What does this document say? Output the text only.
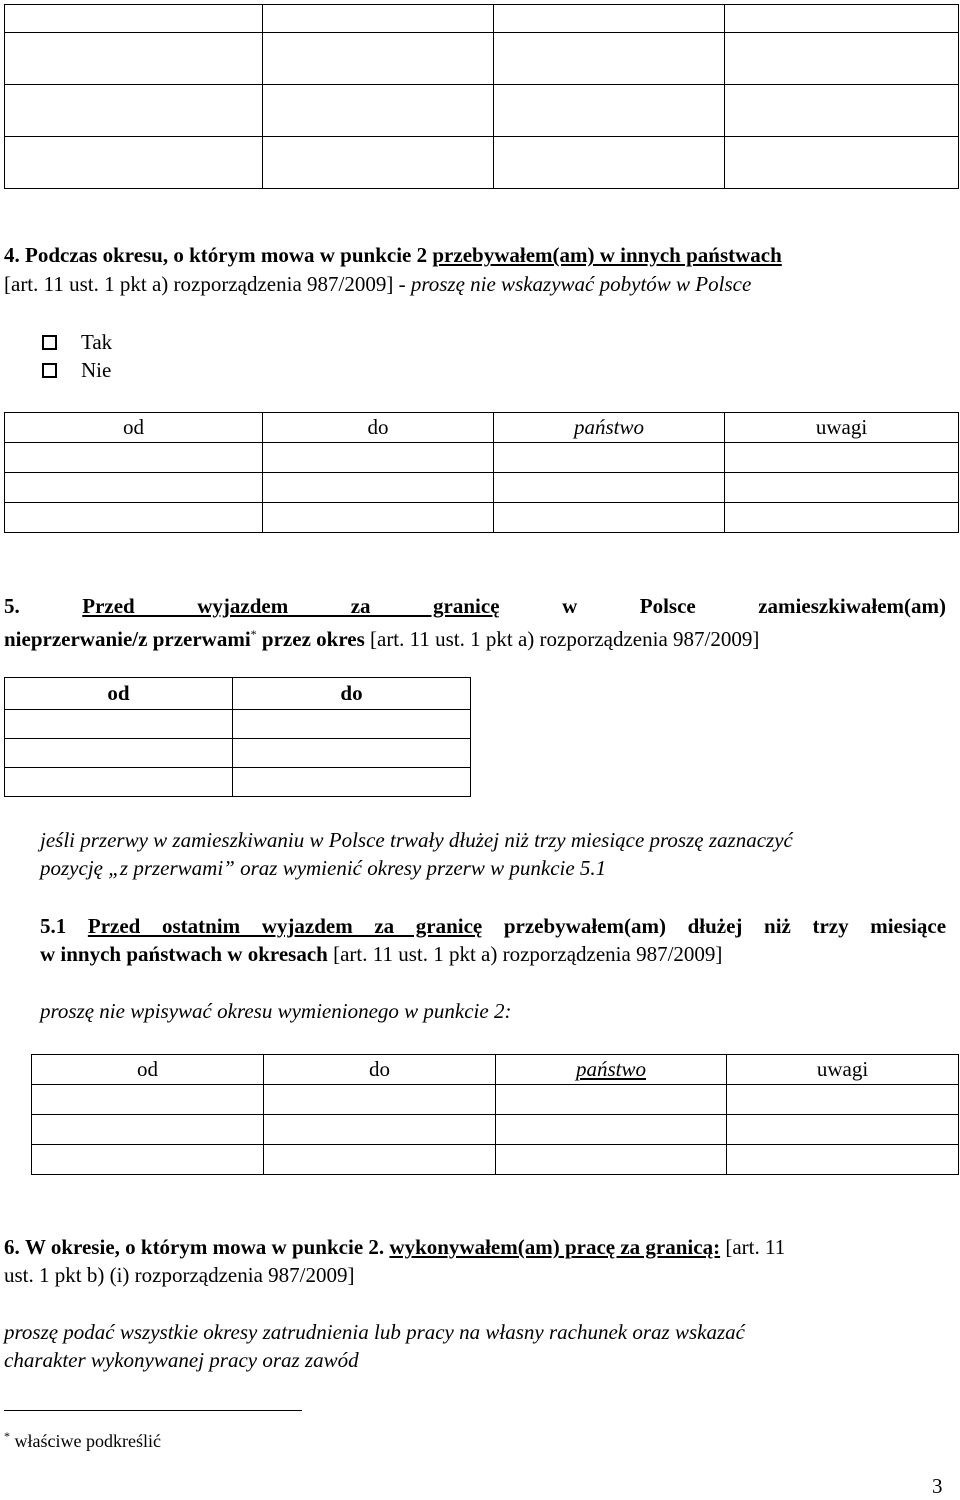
4. Podczas okresu, o którym mowa w punkcie 2 przebywałem(am) w innych państwach
[art. 11 ust. 1 pkt a) rozporządzenia 987/2009] - proszę nie wskazywać pobytów w Polsce
Tak
Nie
od	do	państwo	uwagi

5.	Przed wyjazdem za granicę	w Polsce zamieszkiwałem(am)
nieprzerwanie/z przerwami* przez okres [art. 11 ust. 1 pkt a) rozporządzenia 987/2009]
od	do

jeśli przerwy w zamieszkiwaniu w Polsce trwały dłużej niż trzy miesiące proszę zaznaczyć
pozycję „z przerwami” oraz wymienić okresy przerw w punkcie 5.1
5.1 Przed ostatnim wyjazdem za granicę przebywałem(am) dłużej niż trzy miesiące
w innych państwach w okresach [art. 11 ust. 1 pkt a) rozporządzenia 987/2009]
proszę nie wpisywać okresu wymienionego w punkcie 2:
od	do	państwo	uwagi

6. W okresie, o którym mowa w punkcie 2. wykonywałem(am) pracę za granicą: [art. 11
ust. 1 pkt b) (i) rozporządzenia 987/2009]
proszę podać wszystkie okresy zatrudnienia lub pracy na własny rachunek oraz wskazać
charakter wykonywanej pracy oraz zawód
* właściwe podkreślić
3
